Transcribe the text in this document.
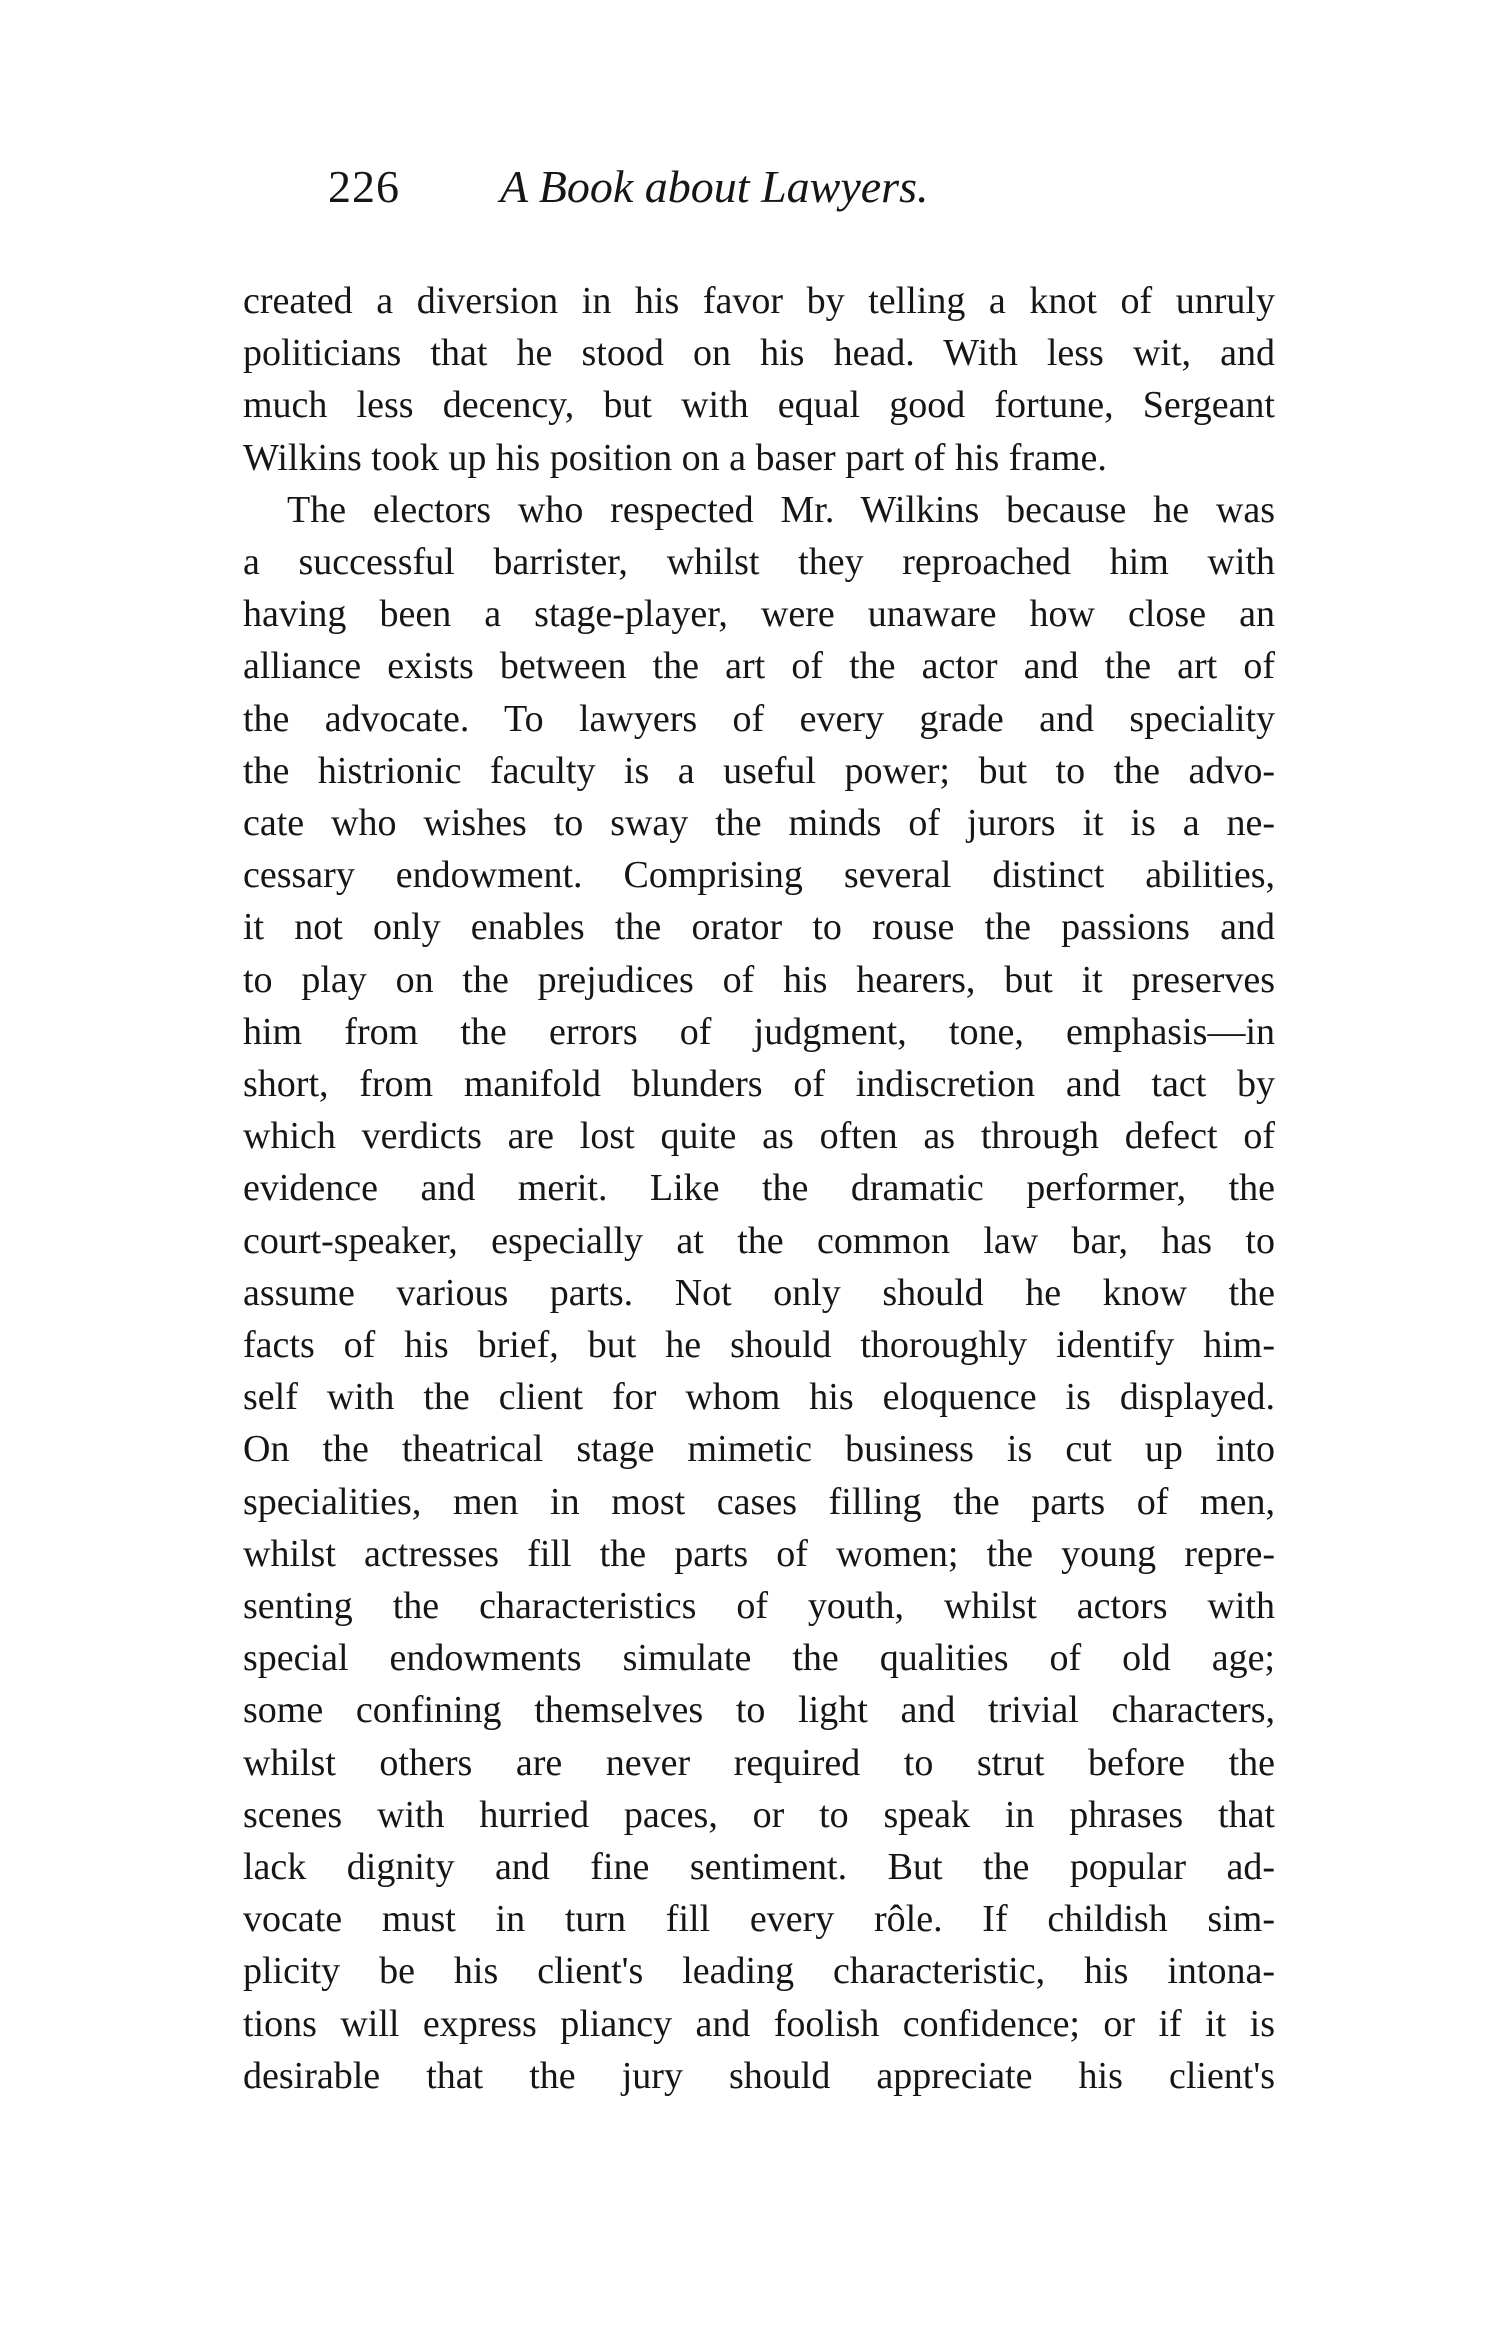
226 A Book about Lawyers.
created a diversion in his favor by telling a knot of unruly
politicians that he stood on his head. With less wit, and
much less decency, but with equal good fortune, Sergeant
Wilkins took up his position on a baser part of his frame.
The electors who respected Mr. Wilkins because he was
a successful barrister, whilst they reproached him with
having been a stage-player, were unaware how close an
alliance exists between the art of the actor and the art of
the advocate. To lawyers of every grade and speciality
the histrionic faculty is a useful power; but to the advo-
cate who wishes to sway the minds of jurors it is a ne-
cessary endowment. Comprising several distinct abilities,
it not only enables the orator to rouse the passions and
to play on the prejudices of his hearers, but it preserves
him from the errors of judgment, tone, emphasis—in
short, from manifold blunders of indiscretion and tact by
which verdicts are lost quite as often as through defect of
evidence and merit. Like the dramatic performer, the
court-speaker, especially at the common law bar, has to
assume various parts. Not only should he know the
facts of his brief, but he should thoroughly identify him-
self with the client for whom his eloquence is displayed.
On the theatrical stage mimetic business is cut up into
specialities, men in most cases filling the parts of men,
whilst actresses fill the parts of women; the young repre-
senting the characteristics of youth, whilst actors with
special endowments simulate the qualities of old age;
some confining themselves to light and trivial characters,
whilst others are never required to strut before the
scenes with hurried paces, or to speak in phrases that
lack dignity and fine sentiment. But the popular ad-
vocate must in turn fill every rôle. If childish sim-
plicity be his client's leading characteristic, his intona-
tions will express pliancy and foolish confidence; or if it is
desirable that the jury should appreciate his client's
